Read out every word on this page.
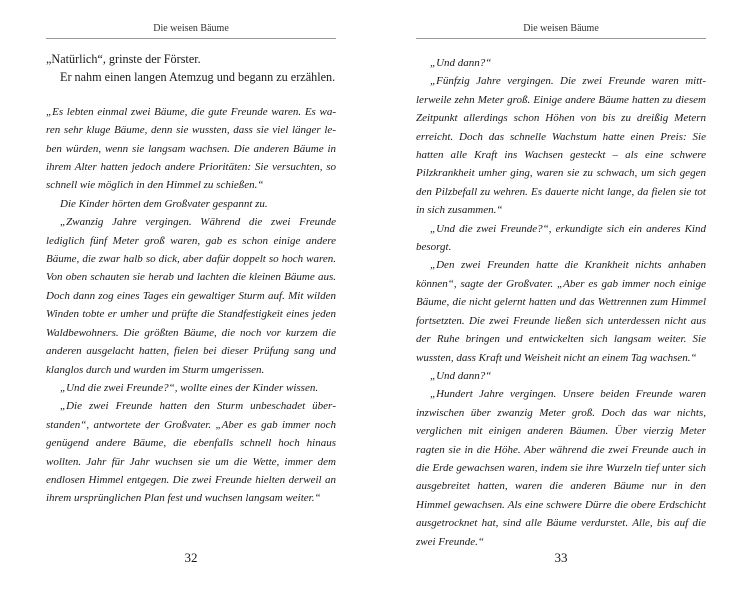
Die weisen Bäume

„Natürlich“, grinste der Förster.

Er nahm einen langen Atemzug und begann zu erzählen.

„Es lebten einmal zwei Bäume, die gute Freunde waren. Es waren sehr kluge Bäume, denn sie wussten, dass sie viel länger leben würden, wenn sie langsam wachsen. Die anderen Bäume in ihrem Alter hatten jedoch andere Prioritäten: Sie versuchten, so schnell wie möglich in den Himmel zu schießen.“

Die Kinder hörten dem Großvater gespannt zu.

„Zwanzig Jahre vergingen. Während die zwei Freunde lediglich fünf Meter groß waren, gab es schon einige andere Bäume, die zwar halb so dick, aber dafür doppelt so hoch waren. Von oben schauten sie herab und lachten die kleinen Bäume aus. Doch dann zog eines Tages ein gewaltiger Sturm auf. Mit wilden Winden tobte er umher und prüfte die Standfestigkeit eines jeden Waldbewohners. Die größten Bäume, die noch vor kurzem die anderen ausgelacht hatten, fielen bei dieser Prüfung sang und klanglos durch und wurden im Sturm umgerissen.

„Und die zwei Freunde?“, wollte eines der Kinder wissen.

„Die zwei Freunde hatten den Sturm unbeschadet überstanden“, antwortete der Großvater. „Aber es gab immer noch genügend andere Bäume, die ebenfalls schnell hoch hinaus wollten. Jahr für Jahr wuchsen sie um die Wette, immer dem endlosen Himmel entgegen. Die zwei Freunde hielten derweil an ihrem ursprünglichen Plan fest und wuchsen langsam weiter.“

32
Die weisen Bäume

„Und dann?“

„Fünfzig Jahre vergingen. Die zwei Freunde waren mittlerweile zehn Meter groß. Einige andere Bäume hatten zu diesem Zeitpunkt allerdings schon Höhen von bis zu dreißig Metern erreicht. Doch das schnelle Wachstum hatte einen Preis: Sie hatten alle Kraft ins Wachsen gesteckt – als eine schwere Pilzkrankheit umher ging, waren sie zu schwach, um sich gegen den Pilzbefall zu wehren. Es dauerte nicht lange, da fielen sie tot in sich zusammen.“

„Und die zwei Freunde?“, erkundigte sich ein anderes Kind besorgt.

„Den zwei Freunden hatte die Krankheit nichts anhaben können“, sagte der Großvater. „Aber es gab immer noch einige Bäume, die nicht gelernt hatten und das Wettrennen zum Himmel fortsetzten. Die zwei Freunde ließen sich unterdessen nicht aus der Ruhe bringen und entwickelten sich langsam weiter. Sie wussten, dass Kraft und Weisheit nicht an einem Tag wachsen.“

„Und dann?“

„Hundert Jahre vergingen. Unsere beiden Freunde waren inzwischen über zwanzig Meter groß. Doch das war nichts, verglichen mit einigen anderen Bäumen. Über vierzig Meter ragten sie in die Höhe. Aber während die zwei Freunde auch in die Erde gewachsen waren, indem sie ihre Wurzeln tief unter sich ausgebreitet hatten, waren die anderen Bäume nur in den Himmel gewachsen. Als eine schwere Dürre die obere Erdschicht ausgetrocknet hat, sind alle Bäume verdurstet. Alle, bis auf die zwei Freunde.“

33
